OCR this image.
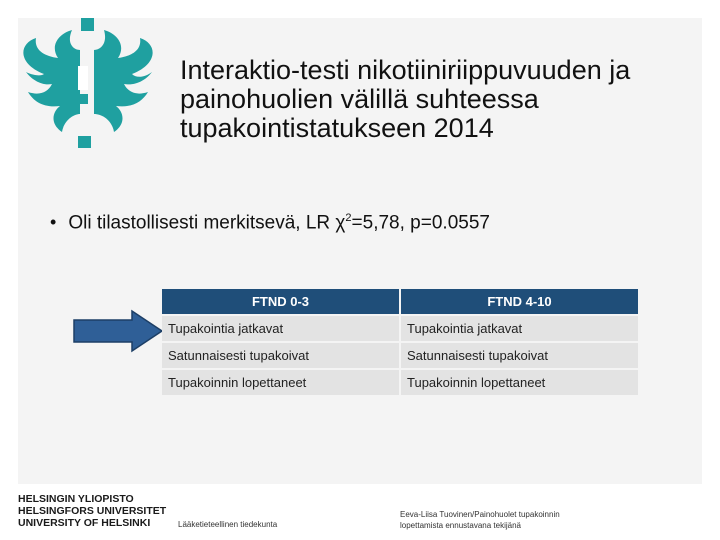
Interaktio-testi nikotiiniriippuvuuden ja painohuolien välillä suhteessa tupakointistatukseen 2014
• Oli tilastollisesti merkitsevä, LR $\chi^2=5,78$, p=0.0557
FTND 0-3	FTND 4-10
Tupakointia jatkavat	Tupakointia jatkavat
Satunnaisesti tupakoivat	Satunnaisesti tupakoivat
Tupakoinnin lopettaneet	Tupakoinnin lopettaneet
HELSINGIN YLIOPISTO
HELSINGFORS UNIVERSITET
UNIVERSITY OF HELSINKI	Lääketieteellinen tiedekunta
Eeva-Liisa Tuovinen/Painohuolet tupakoinnin
lopettamista ennustavana tekijänä
